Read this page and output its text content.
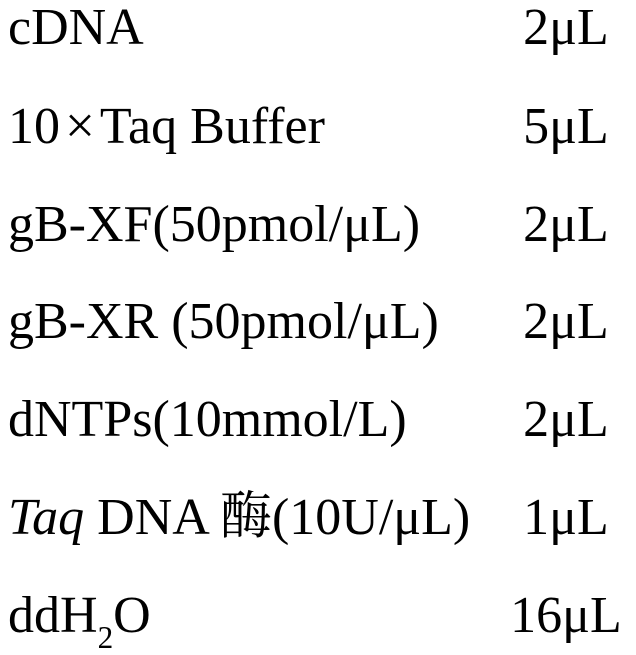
cDNA	2μL
10×Taq Buffer	5μL
gB-XF(50pmol/μL)	2μL
gB-XR (50pmol/μL)	2μL
dNTPs(10mmol/L)	2μL
Taq DNA 酶(10U/μL)	1μL
ddH$_2$O	16μL
